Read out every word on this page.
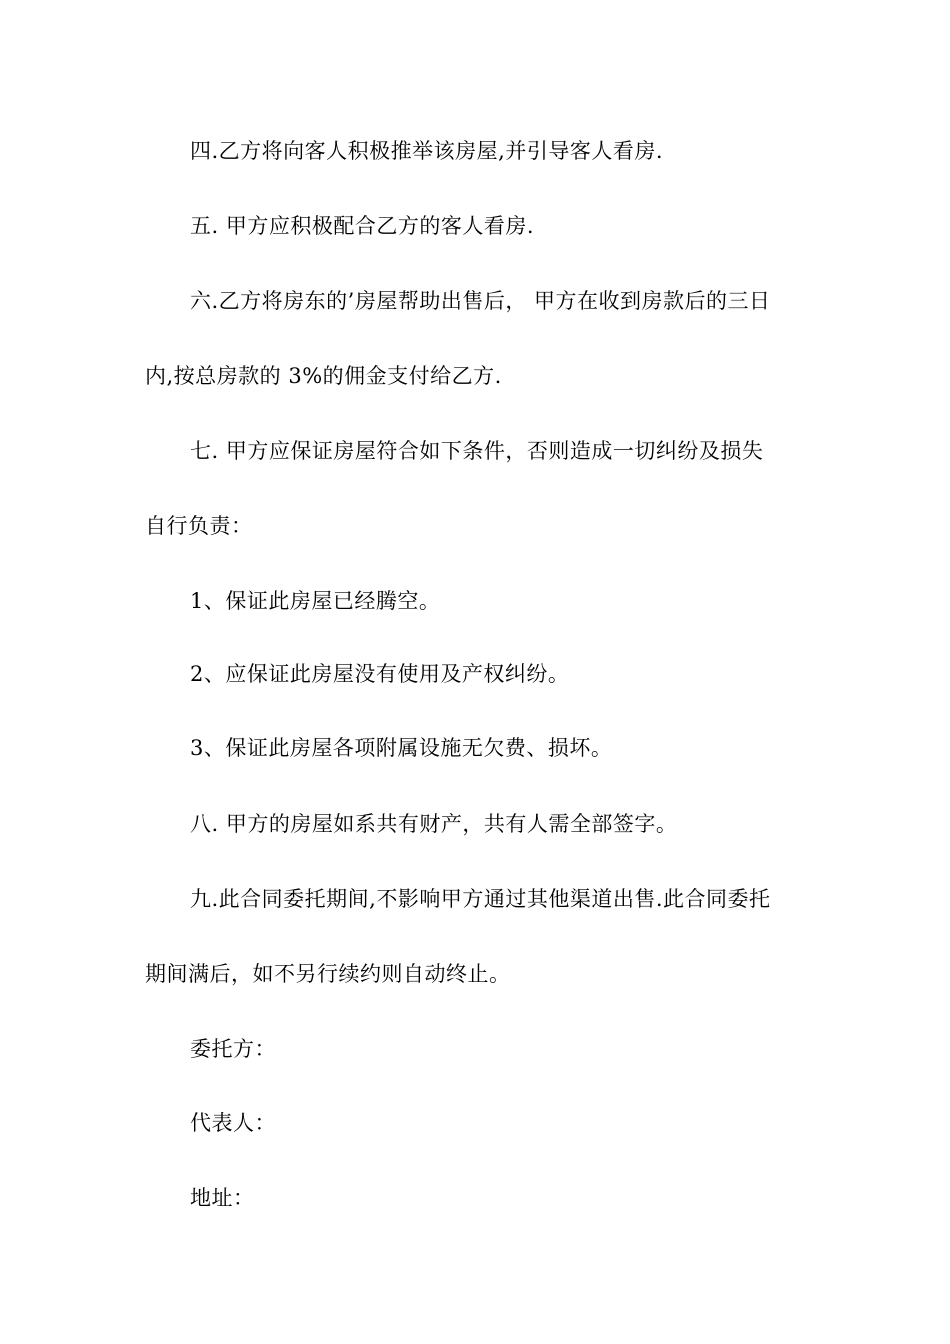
四.乙方将向客人积极推举该房屋,并引导客人看房.
五. 甲方应积极配合乙方的客人看房.
六.乙方将房东的’房屋帮助出售后， 甲方在收到房款后的三日
内,按总房款的 3%的佣金支付给乙方.
七. 甲方应保证房屋符合如下条件，否则造成一切纠纷及损失
自行负责：
1、保证此房屋已经腾空。
2、应保证此房屋没有使用及产权纠纷。
3、保证此房屋各项附属设施无欠费、损坏。
八. 甲方的房屋如系共有财产，共有人需全部签字。
九.此合同委托期间,不影响甲方通过其他渠道出售.此合同委托
期间满后，如不另行续约则自动终止。
委托方：
代表人：
地址：
